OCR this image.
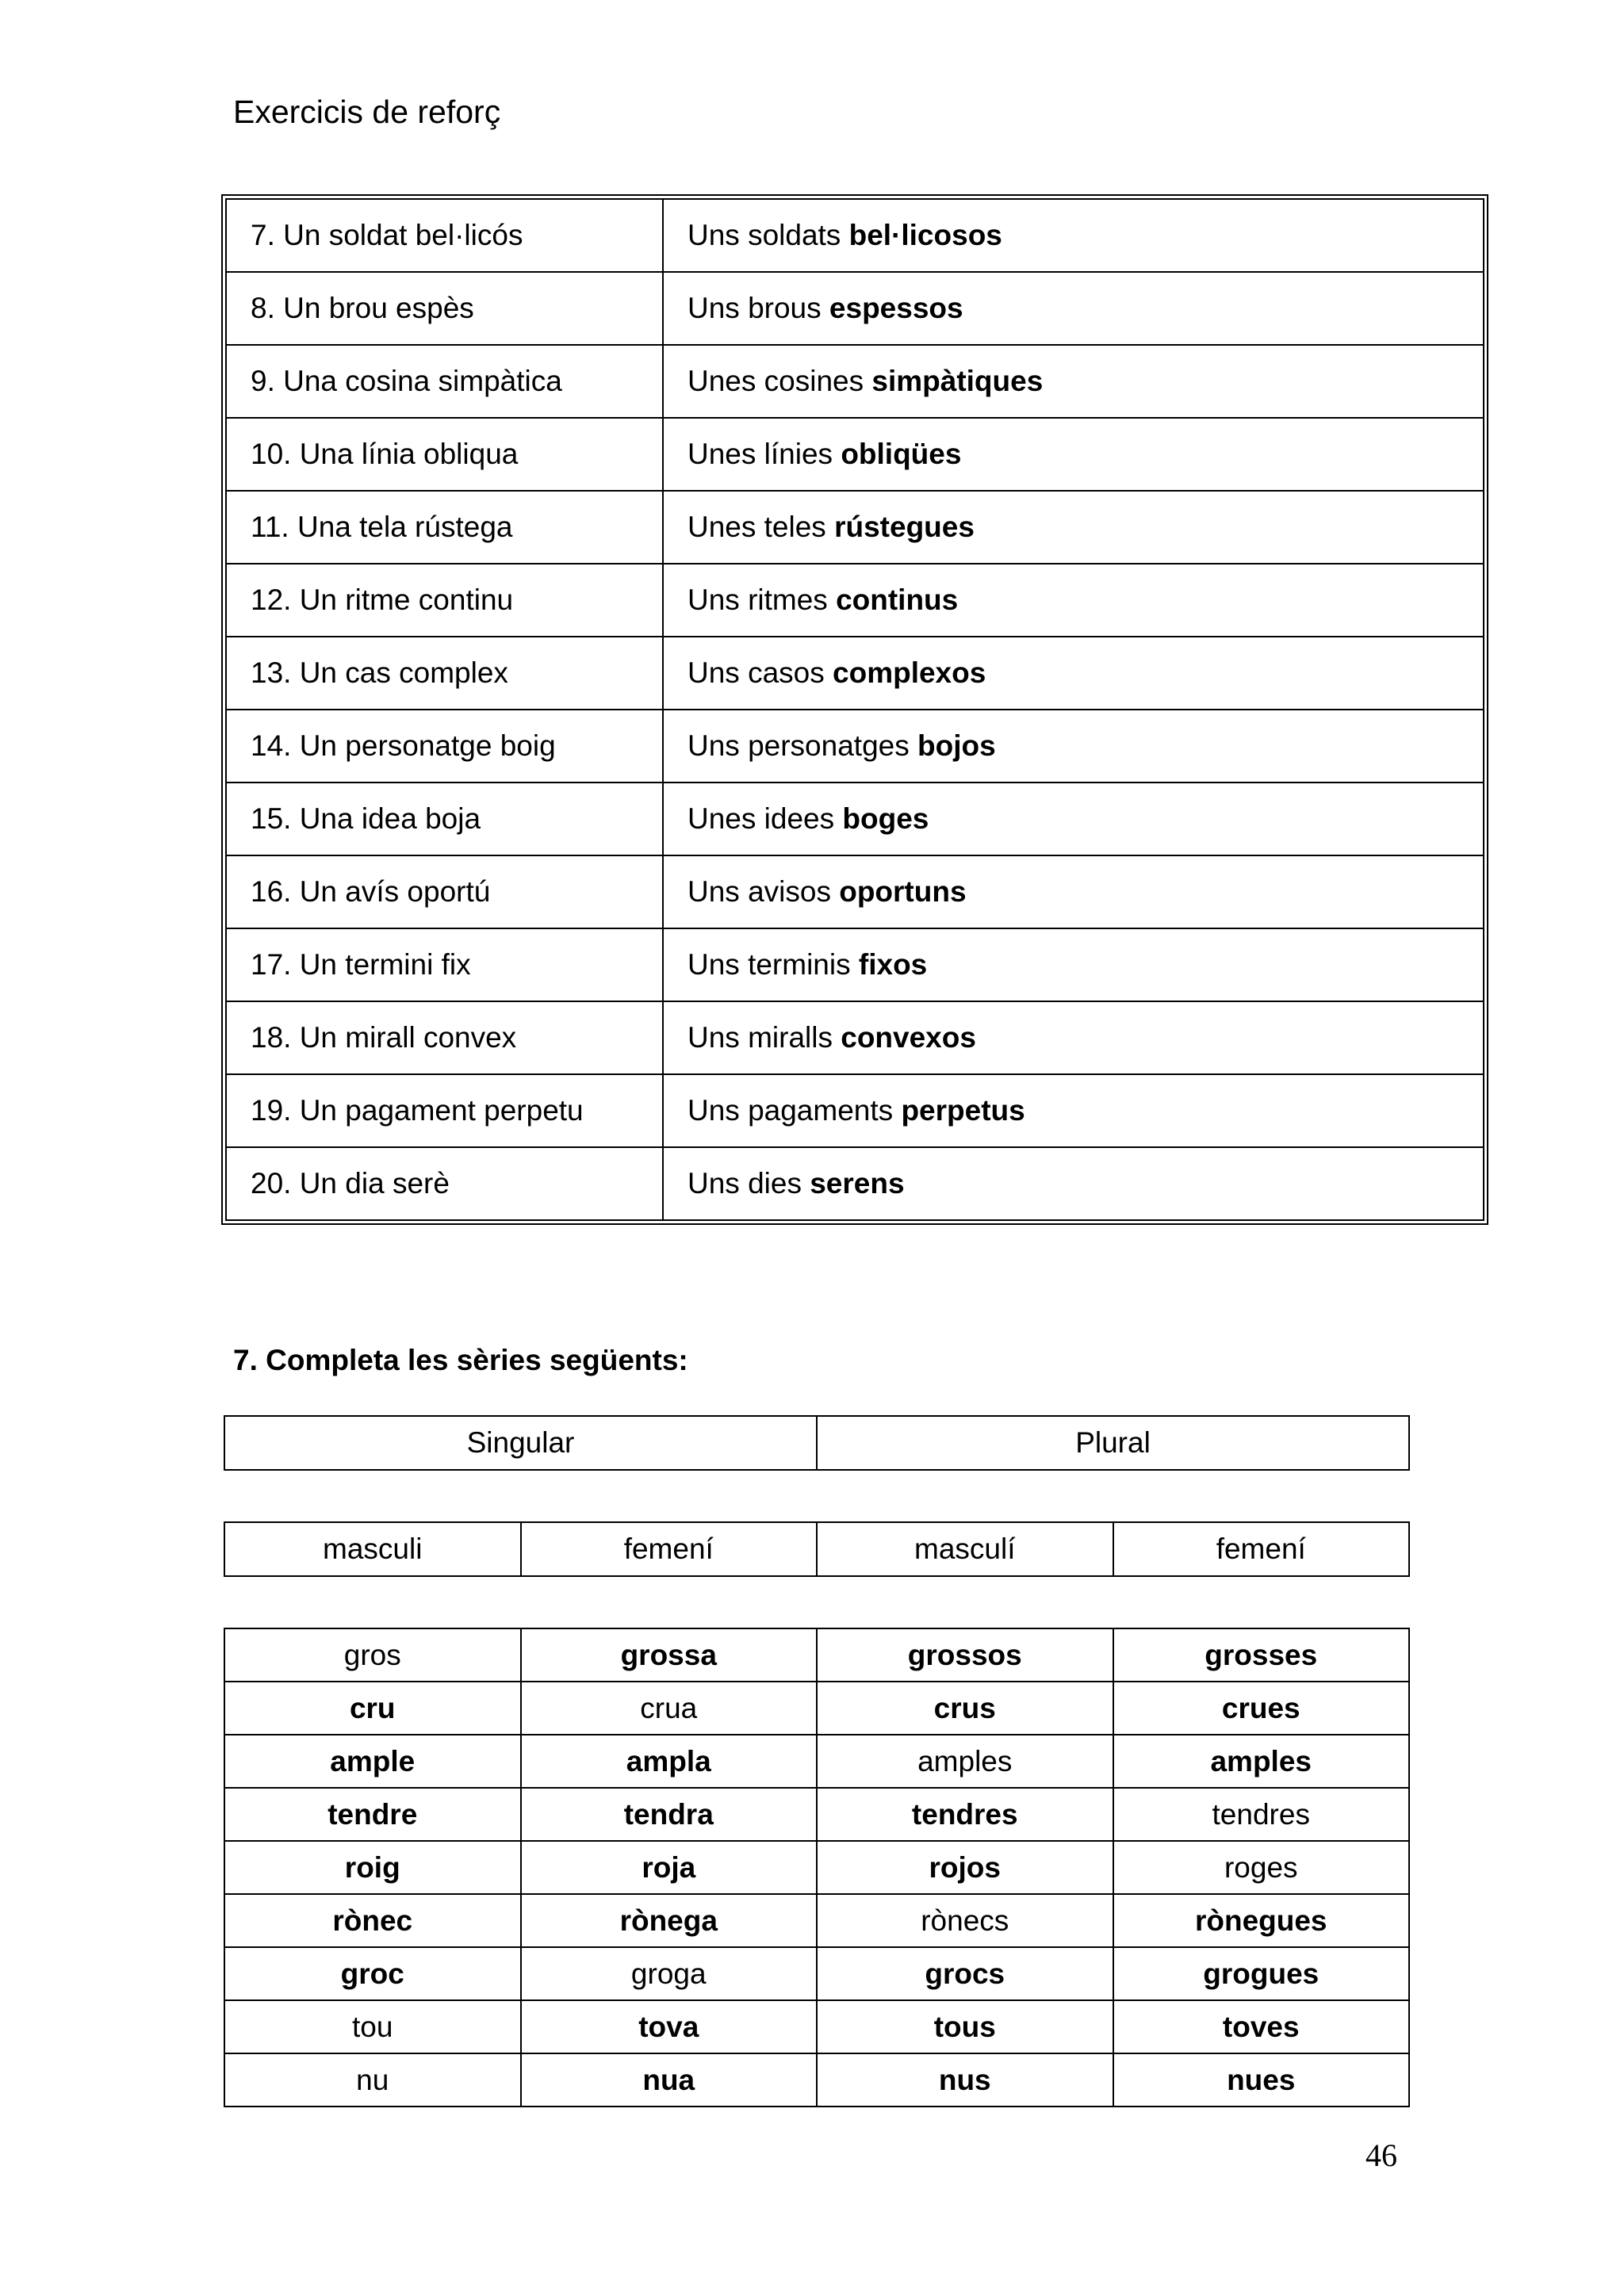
Exercicis de reforç
7. Un soldat bel·licós	Uns soldats bel·licosos
8. Un brou espès	Uns brous espessos
9. Una cosina simpàtica	Unes cosines simpàtiques
10. Una línia obliqua	Unes línies obliqües
11. Una tela rústega	Unes teles rústegues
12. Un ritme continu	Uns ritmes continus
13. Un cas complex	Uns casos complexos
14. Un personatge boig	Uns personatges bojos
15. Una idea boja	Unes idees boges
16. Un avís oportú	Uns avisos oportuns
17. Un termini fix	Uns terminis fixos
18. Un mirall convex	Uns miralls convexos
19. Un pagament perpetu	Uns pagaments perpetus
20. Un dia serè	Uns dies serens
7. Completa les sèries següents:
Singular	Plural
masculi	femení	masculí	femení
gros	grossa	grossos	grosses
cru	crua	crus	crues
ample	ampla	amples	amples
tendre	tendra	tendres	tendres
roig	roja	rojos	roges
rònec	rònega	rònecs	rònegues
groc	groga	grocs	grogues
tou	tova	tous	toves
nu	nua	nus	nues
46
